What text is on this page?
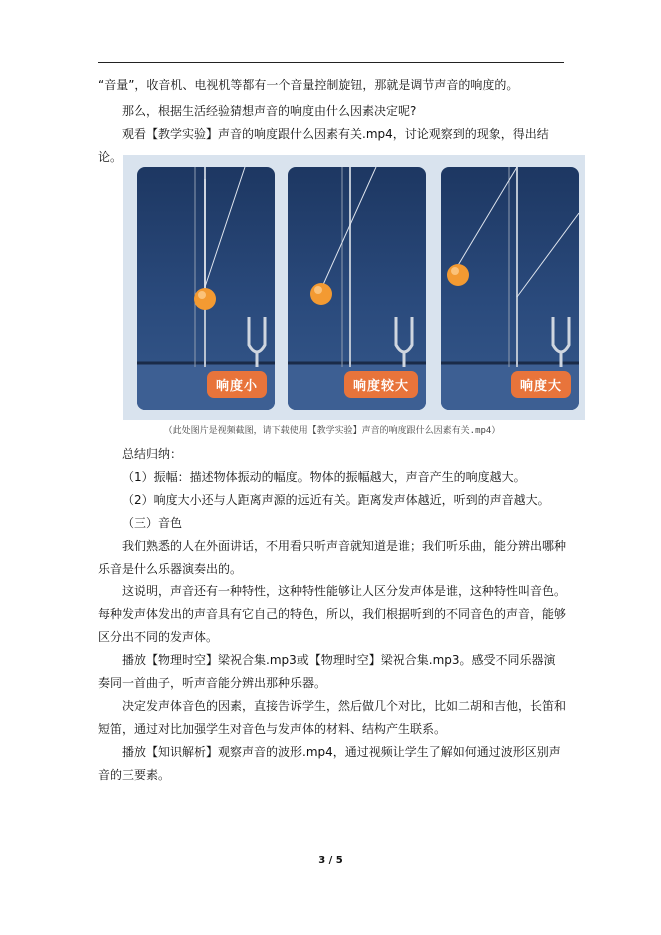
“音量”，收音机、电视机等都有一个音量控制旋钮，那就是调节声音的响度的。

那么，根据生活经验猜想声音的响度由什么因素决定呢?

观看【教学实验】声音的响度跟什么因素有关.mp4，讨论观察到的现象，得出结论。

响度小	响度较大	响度大
（此处图片是视频截图，请下载使用【教学实验】声音的响度跟什么因素有关.mp4）

总结归纳：

（1）振幅：描述物体振动的幅度。物体的振幅越大，声音产生的响度越大。

（2）响度大小还与人距离声源的远近有关。距离发声体越近，听到的声音越大。

（三）音色

我们熟悉的人在外面讲话，不用看只听声音就知道是谁；我们听乐曲，能分辨出哪种乐音是什么乐器演奏出的。

这说明，声音还有一种特性，这种特性能够让人区分发声体是谁，这种特性叫音色。每种发声体发出的声音具有它自己的特色，所以，我们根据听到的不同音色的声音，能够区分出不同的发声体。

播放【物理时空】梁祝合集.mp3或【物理时空】梁祝合集.mp3。感受不同乐器演奏同一首曲子，听声音能分辨出那种乐器。

决定发声体音色的因素，直接告诉学生，然后做几个对比，比如二胡和吉他，长笛和短笛，通过对比加强学生对音色与发声体的材料、结构产生联系。

播放【知识解析】观察声音的波形.mp4，通过视频让学生了解如何通过波形区别声音的三要素。

3 / 5
